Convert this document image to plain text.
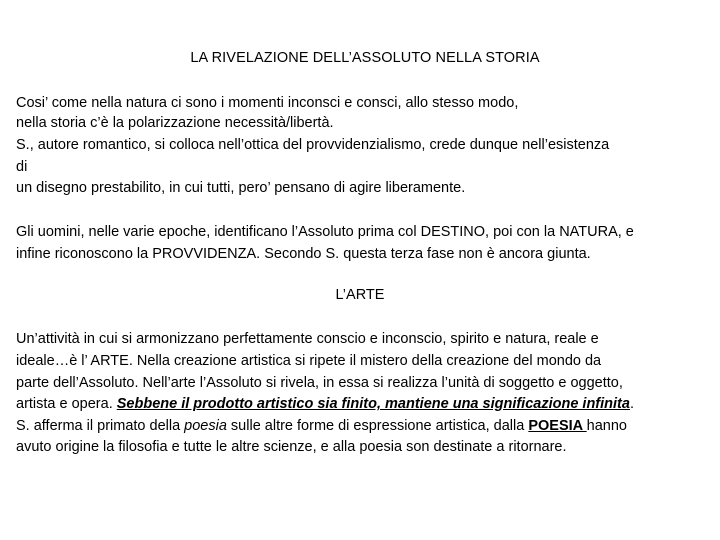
LA RIVELAZIONE DELL’ASSOLUTO NELLA STORIA
Cosi’ come nella natura ci sono i momenti inconsci e consci, allo stesso modo,
nella storia c’è la polarizzazione necessità/libertà.
S., autore romantico, si colloca nell’ottica del provvidenzialismo, crede dunque nell’esistenza
di
un disegno prestabilito, in cui tutti, pero’ pensano di agire liberamente.
Gli uomini, nelle varie epoche, identificano l’Assoluto prima col DESTINO, poi con la NATURA, e
infine riconoscono la PROVVIDENZA. Secondo S. questa terza fase non è ancora giunta.
L’ARTE
Un’attività in cui si armonizzano perfettamente conscio e inconscio, spirito e natura, reale e
ideale…è l’ ARTE. Nella creazione artistica si ripete il mistero della creazione del mondo da
parte dell’Assoluto. Nell’arte l’Assoluto si rivela, in essa si realizza l’unità di soggetto e oggetto,
artista e opera. Sebbene il prodotto artistico sia finito, mantiene una significazione infinita.
S. afferma il primato della poesia sulle altre forme di espressione artistica, dalla POESIA hanno
avuto origine la filosofia e tutte le altre scienze, e alla poesia son destinate a ritornare.
